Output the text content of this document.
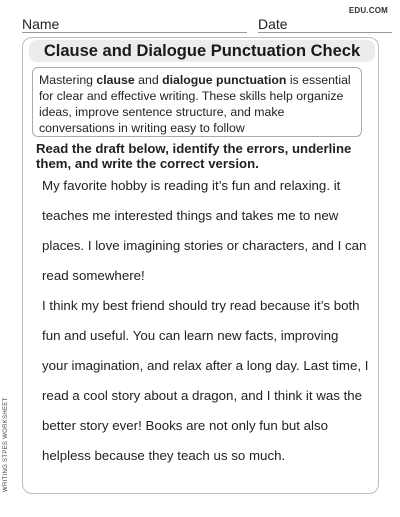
Name	Date
EDU.COM
Clause and Dialogue Punctuation Check
Mastering clause and dialogue punctuation is essential for clear and effective writing. These skills help organize ideas, improve sentence structure, and make conversations in writing easy to follow
Read the draft below, identify the errors, underline them, and write the correct version.
My favorite hobby is reading it’s fun and relaxing. it
teaches me interested things and takes me to new
places. I love imagining stories or characters, and I can
read somewhere!
I think my best friend should try read because it’s both
fun and useful. You can learn new facts, improving
your imagination, and relax after a long day. Last time, I
read a cool story about a dragon, and I think it was the
better story ever! Books are not only fun but also
helpless because they teach us so much.
WRITING STPES WORKSHEET
